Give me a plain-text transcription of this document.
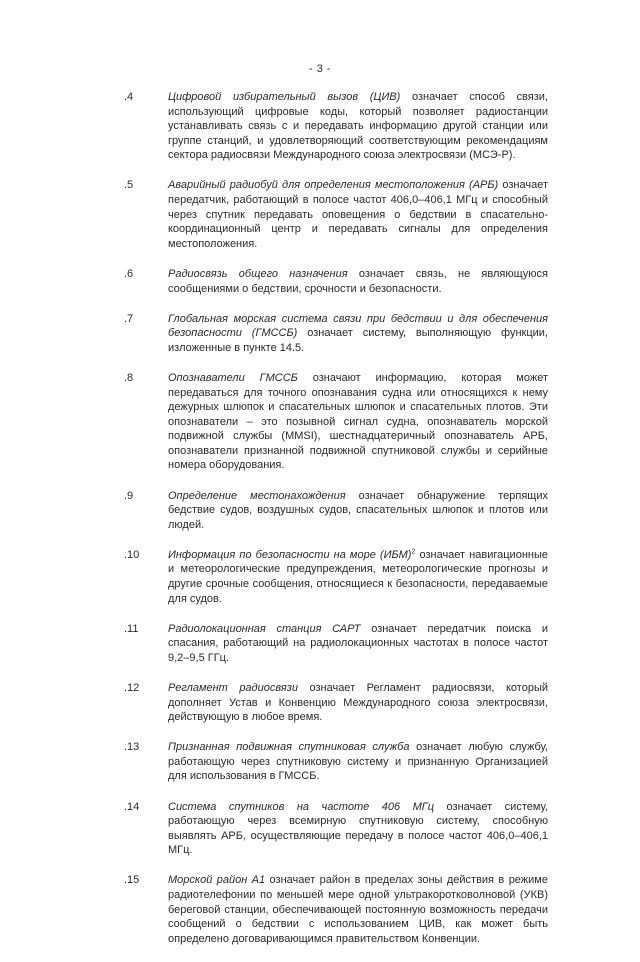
- 3 -
.4	Цифровой избирательный вызов (ЦИВ) означает способ связи, использующий цифровые коды, который позволяет радиостанции устанавливать связь с и передавать информацию другой станции или группе станций, и удовлетворяющий соответствующим рекомендациям сектора радиосвязи Международного союза электросвязи (МСЭ-Р).
.5	Аварийный радиобуй для определения местоположения (АРБ) означает передатчик, работающий в полосе частот 406,0–406,1 МГц и способный через спутник передавать оповещения о бедствии в спасательно-координационный центр и передавать сигналы для определения местоположения.
.6	Радиосвязь общего назначения означает связь, не являющуюся сообщениями о бедствии, срочности и безопасности.
.7	Глобальная морская система связи при бедствии и для обеспечения безопасности (ГМССБ) означает систему, выполняющую функции, изложенные в пункте 14.5.
.8	Опознаватели ГМССБ означают информацию, которая может передаваться для точного опознавания судна или относящихся к нему дежурных шлюпок и спасательных шлюпок и спасательных плотов. Эти опознаватели – это позывной сигнал судна, опознаватель морской подвижной службы (MMSI), шестнадцатеричный опознаватель АРБ, опознаватели признанной подвижной спутниковой службы и серийные номера оборудования.
.9	Определение местонахождения означает обнаружение терпящих бедствие судов, воздушных судов, спасательных шлюпок и плотов или людей.
.10	Информация по безопасности на море (ИБМ)$^2$ означает навигационные и метеорологические предупреждения, метеорологические прогнозы и другие срочные сообщения, относящиеся к безопасности, передаваемые для судов.
.11	Радиолокационная станция САРТ означает передатчик поиска и спасания, работающий на радиолокационных частотах в полосе частот 9,2–9,5 ГГц.
.12	Регламент радиосвязи означает Регламент радиосвязи, который дополняет Устав и Конвенцию Международного союза электросвязи, действующую в любое время.
.13	Признанная подвижная спутниковая служба означает любую службу, работающую через спутниковую систему и признанную Организацией для использования в ГМССБ.
.14	Система спутников на частоте 406 МГц означает систему, работающую через всемирную спутниковую систему, способную выявлять АРБ, осуществляющие передачу в полосе частот 406,0–406,1 МГц.
.15	Морской район А1 означает район в пределах зоны действия в режиме радиотелефонии по меньшей мере одной ультракоротковолновой (УКВ) береговой станции, обеспечивающей постоянную возможность передачи сообщений о бедствии с использованием ЦИВ, как может быть определено договаривающимся правительством Конвенции.
